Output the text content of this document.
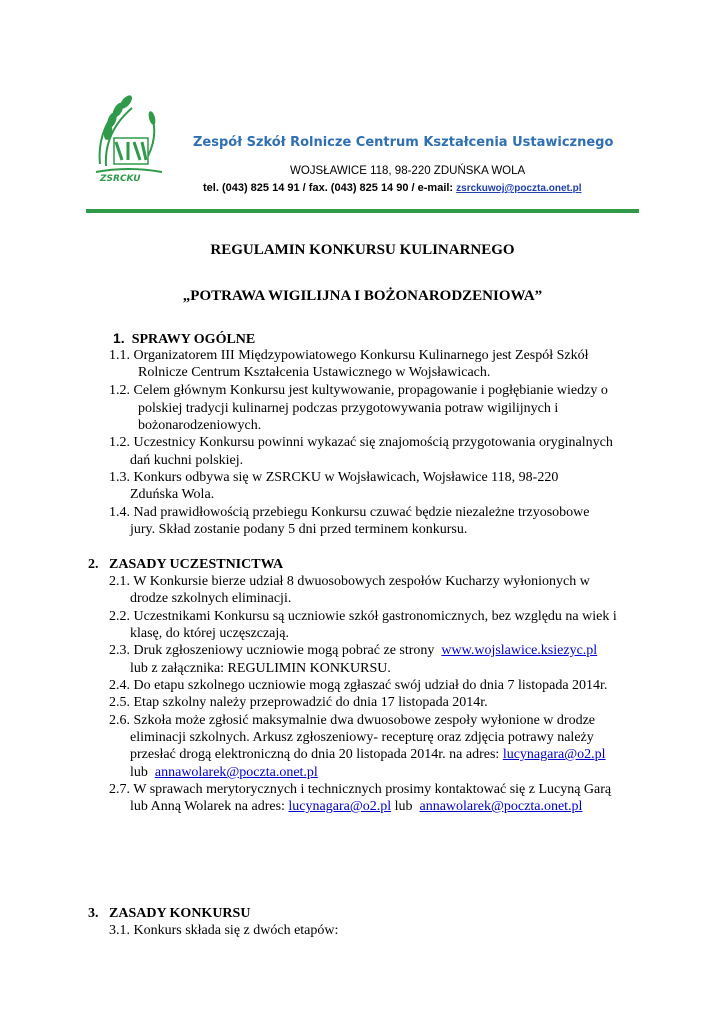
ZSRCKU
Zespół Szkół Rolnicze Centrum Kształcenia Ustawicznego
WOJSŁAWICE 118, 98-220 ZDUŃSKA WOLA
tel. (043) 825 14 91 / fax. (043) 825 14 90 / e-mail: zsrckuwoj@poczta.onet.pl
REGULAMIN KONKURSU KULINARNEGO
„POTRAWA WIGILIJNA I BOŻONARODZENIOWA”
1. SPRAWY OGÓLNE
1.1. Organizatorem III Międzypowiatowego Konkursu Kulinarnego jest Zespół Szkół
Rolnicze Centrum Kształcenia Ustawicznego w Wojsławicach.
1.2. Celem głównym Konkursu jest kultywowanie, propagowanie i pogłębianie wiedzy o
polskiej tradycji kulinarnej podczas przygotowywania potraw wigilijnych i
bożonarodzeniowych.
1.2. Uczestnicy Konkursu powinni wykazać się znajomością przygotowania oryginalnych
dań kuchni polskiej.
1.3. Konkurs odbywa się w ZSRCKU w Wojsławicach, Wojsławice 118, 98-220
Zduńska Wola.
1.4. Nad prawidłowością przebiegu Konkursu czuwać będzie niezależne trzyosobowe
jury. Skład zostanie podany 5 dni przed terminem konkursu.
2. ZASADY UCZESTNICTWA
2.1. W Konkursie bierze udział 8 dwuosobowych zespołów Kucharzy wyłonionych w
drodze szkolnych eliminacji.
2.2. Uczestnikami Konkursu są uczniowie szkół gastronomicznych, bez względu na wiek i
klasę, do której uczęszczają.
2.3. Druk zgłoszeniowy uczniowie mogą pobrać ze strony www.wojslawice.ksiezyc.pl
lub z załącznika: REGULIMIN KONKURSU.
2.4. Do etapu szkolnego uczniowie mogą zgłaszać swój udział do dnia 7 listopada 2014r.
2.5. Etap szkolny należy przeprowadzić do dnia 17 listopada 2014r.
2.6. Szkoła może zgłosić maksymalnie dwa dwuosobowe zespoły wyłonione w drodze
eliminacji szkolnych. Arkusz zgłoszeniowy- recepturę oraz zdjęcia potrawy należy
przesłać drogą elektroniczną do dnia 20 listopada 2014r. na adres: lucynagara@o2.pl
lub annawolarek@poczta.onet.pl
2.7. W sprawach merytorycznych i technicznych prosimy kontaktować się z Lucyną Garą
lub Anną Wolarek na adres: lucynagara@o2.pl lub annawolarek@poczta.onet.pl
3. ZASADY KONKURSU
3.1. Konkurs składa się z dwóch etapów:
